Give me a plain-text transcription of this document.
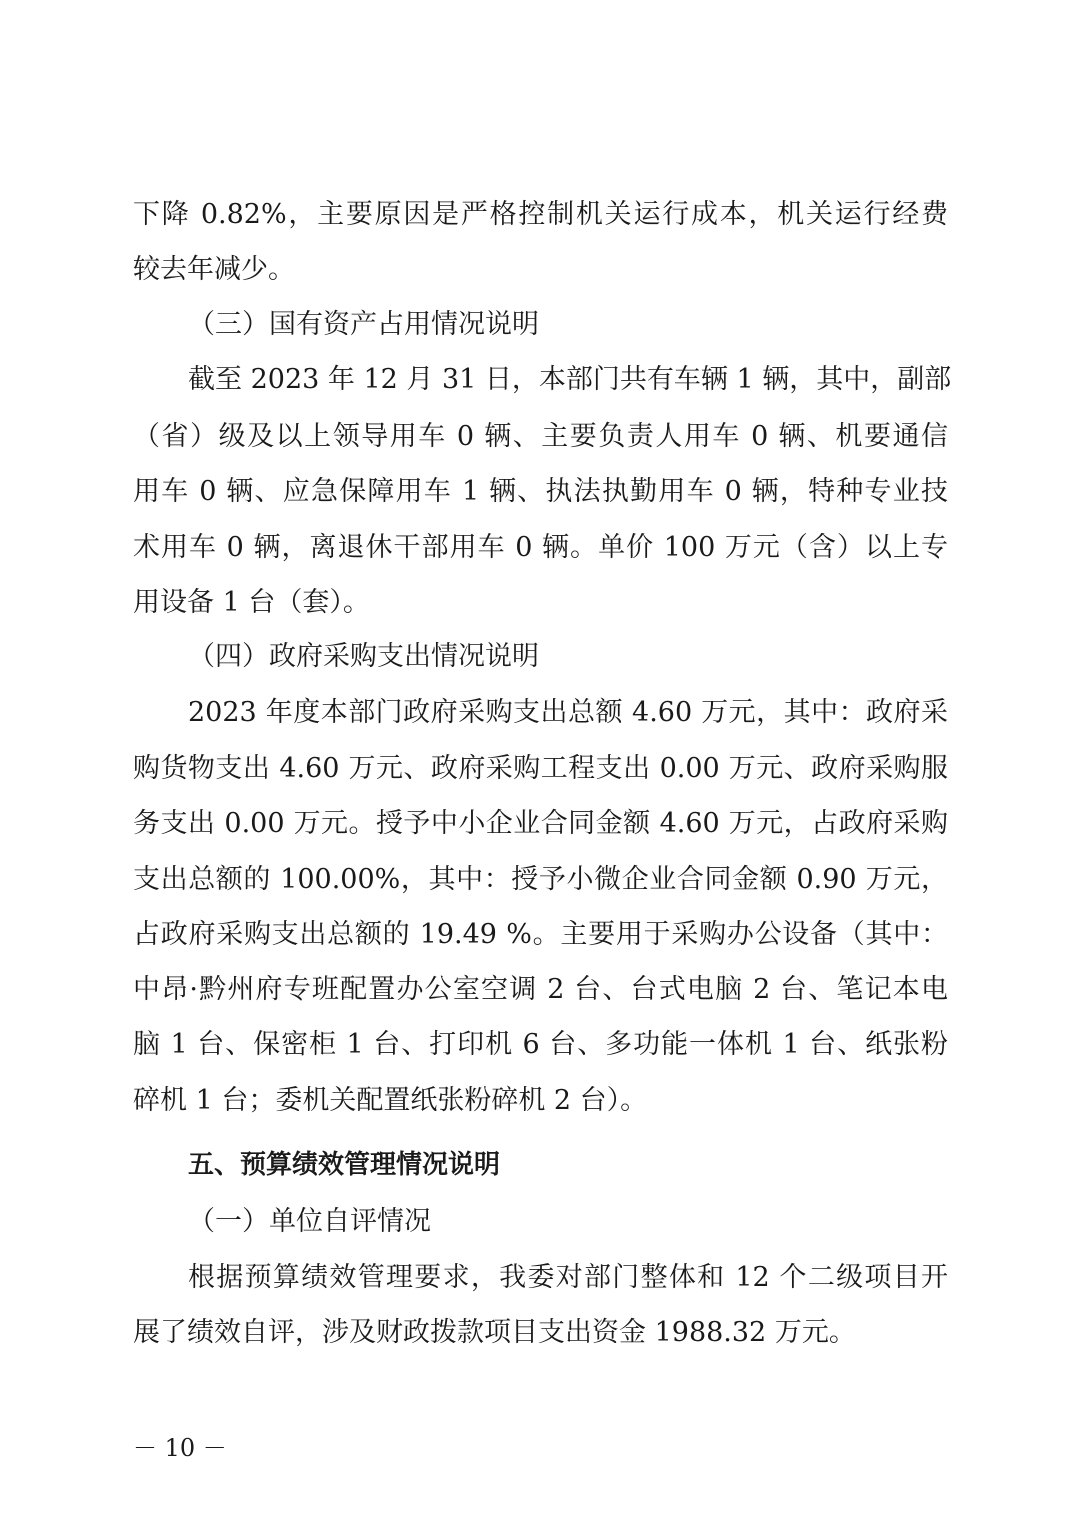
下降 0.82%，主要原因是严格控制机关运行成本，机关运行经费

较去年减少。

（三）国有资产占用情况说明

截至 2023 年 12 月 31 日，本部门共有车辆 1 辆，其中，副部

（省）级及以上领导用车 0 辆、主要负责人用车 0 辆、机要通信

用车 0 辆、应急保障用车 1 辆、执法执勤用车 0 辆，特种专业技

术用车 0 辆，离退休干部用车 0 辆。单价 100 万元（含）以上专

用设备 1 台（套）。

（四）政府采购支出情况说明

2023 年度本部门政府采购支出总额 4.60 万元，其中：政府采

购货物支出 4.60 万元、政府采购工程支出 0.00 万元、政府采购服

务支出 0.00 万元。授予中小企业合同金额 4.60 万元，占政府采购

支出总额的 100.00%，其中：授予小微企业合同金额 0.90 万元，

占政府采购支出总额的 19.49 %。主要用于采购办公设备（其中：

中昂·黔州府专班配置办公室空调 2 台、台式电脑 2 台、笔记本电

脑 1 台、保密柜 1 台、打印机 6 台、多功能一体机 1 台、纸张粉

碎机 1 台；委机关配置纸张粉碎机 2 台）。

五、预算绩效管理情况说明

（一）单位自评情况

根据预算绩效管理要求，我委对部门整体和 12 个二级项目开

展了绩效自评，涉及财政拨款项目支出资金 1988.32 万元。

－ 10 －
